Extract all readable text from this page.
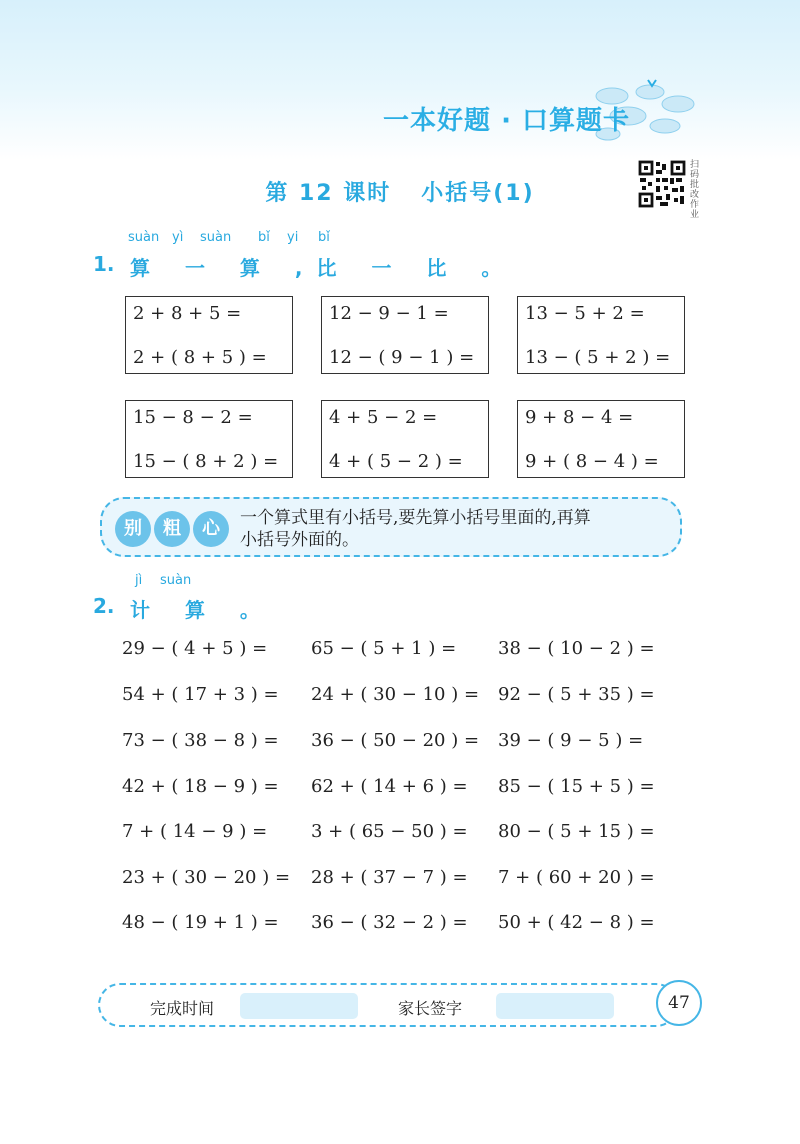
一本好题 · 口算题卡
第 12 课时 小括号(1)
扫码批改作业
suàn yì suàn bǐ yi bǐ
1. 算 一 算 ,比 一 比 。
2 + 8 + 5 =
2 + ( 8 + 5 ) =
12 − 9 − 1 =
12 − ( 9 − 1 ) =
13 − 5 + 2 =
13 − ( 5 + 2 ) =
15 − 8 − 2 =
15 − ( 8 + 2 ) =
4 + 5 − 2 =
4 + ( 5 − 2 ) =
9 + 8 − 4 =
9 + ( 8 − 4 ) =
别	粗	心	一个算式里有小括号,要先算小括号里面的,再算
小括号外面的。
jì suàn
2. 计 算 。
29 − ( 4 + 5 ) = 65 − ( 5 + 1 ) = 38 − ( 10 − 2 ) =
54 + ( 17 + 3 ) = 24 + ( 30 − 10 ) = 92 − ( 5 + 35 ) =
73 − ( 38 − 8 ) = 36 − ( 50 − 20 ) = 39 − ( 9 − 5 ) =
42 + ( 18 − 9 ) = 62 + ( 14 + 6 ) = 85 − ( 15 + 5 ) =
7 + ( 14 − 9 ) = 3 + ( 65 − 50 ) = 80 − ( 5 + 15 ) =
23 + ( 30 − 20 ) = 28 + ( 37 − 7 ) = 7 + ( 60 + 20 ) =
48 − ( 19 + 1 ) = 36 − ( 32 − 2 ) = 50 + ( 42 − 8 ) =
完成时间	家长签字	47
